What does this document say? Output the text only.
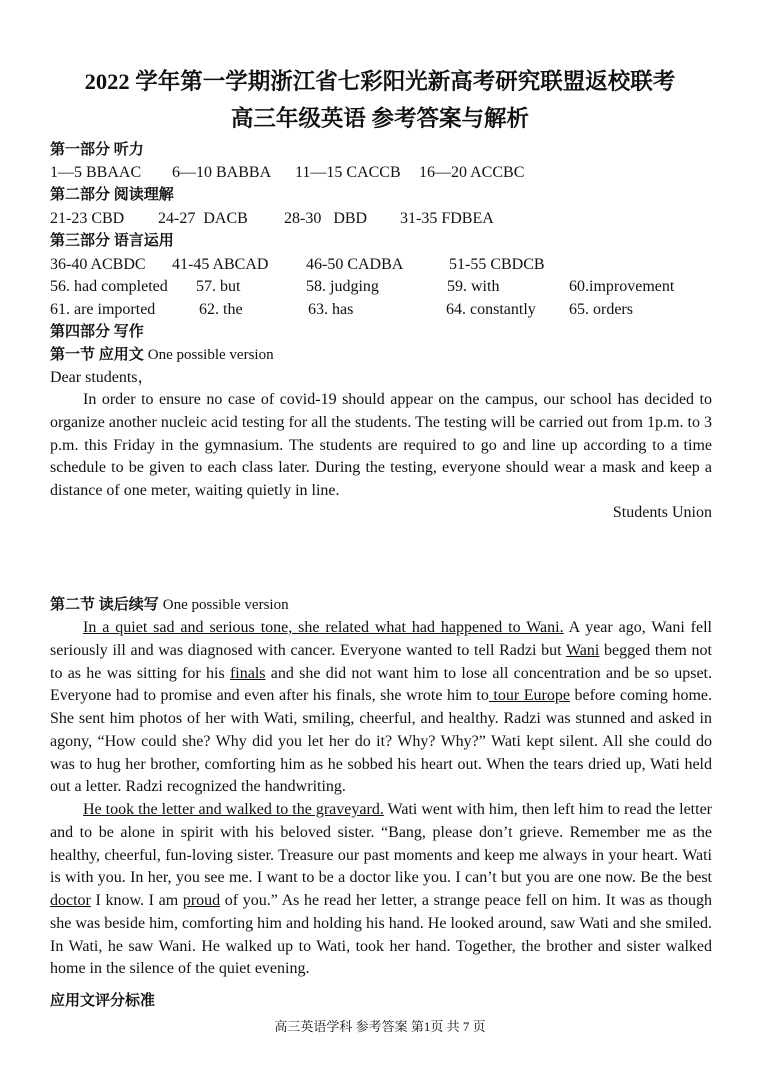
2022 学年第一学期浙江省七彩阳光新高考研究联盟返校联考
高三年级英语 参考答案与解析
第一部分 听力
1—5 BBAAC 6—10 BABBA 11—15 CACCB 16—20 ACCBC
第二部分 阅读理解
21-23 CBD 24-27  DACB 28-30   DBD 31-35 FDBEA
第三部分 语言运用
36-40 ACBDC 41-45 ABCAD 46-50 CADBA	51-55 CBDCB
56. had completed 57. but	58. judging	59. with	60.improvement
61. are imported	62. the	63. has	64. constantly 65. orders
第四部分 写作
第一节 应用文 One possible version
Dear students，
In order to ensure no case of covid-19 should appear on the campus, our school has decided to organize another nucleic acid testing for all the students. The testing will be carried out from 1p.m. to 3 p.m. this Friday in the gymnasium. The students are required to go and line up according to a time schedule to be given to each class later. During the testing, everyone should wear a mask and keep a distance of one meter, waiting quietly in line.
Students Union
第二节 读后续写 One possible version
In a quiet sad and serious tone, she related what had happened to Wani. A year ago, Wani fell seriously ill and was diagnosed with cancer. Everyone wanted to tell Radzi but Wani begged them not to as he was sitting for his finals and she did not want him to lose all concentration and be so upset. Everyone had to promise and even after his finals, she wrote him to tour Europe before coming home. She sent him photos of her with Wati, smiling, cheerful, and healthy. Radzi was stunned and asked in agony, “How could she? Why did you let her do it? Why? Why?” Wati kept silent. All she could do was to hug her brother, comforting him as he sobbed his heart out. When the tears dried up, Wati held out a letter. Radzi recognized the handwriting.
He took the letter and walked to the graveyard. Wati went with him, then left him to read the letter and to be alone in spirit with his beloved sister. “Bang, please don’t grieve. Remember me as the healthy, cheerful, fun-loving sister. Treasure our past moments and keep me always in your heart. Wati is with you. In her, you see me. I want to be a doctor like you. I can’t but you are one now. Be the best doctor I know. I am proud of you.” As he read her letter, a strange peace fell on him. It was as though she was beside him, comforting him and holding his hand. He looked around, saw Wati and she smiled. In Wati, he saw Wani. He walked up to Wati, took her hand. Together, the brother and sister walked home in the silence of the quiet evening.
应用文评分标准
高三英语学科 参考答案 第1页 共 7 页
